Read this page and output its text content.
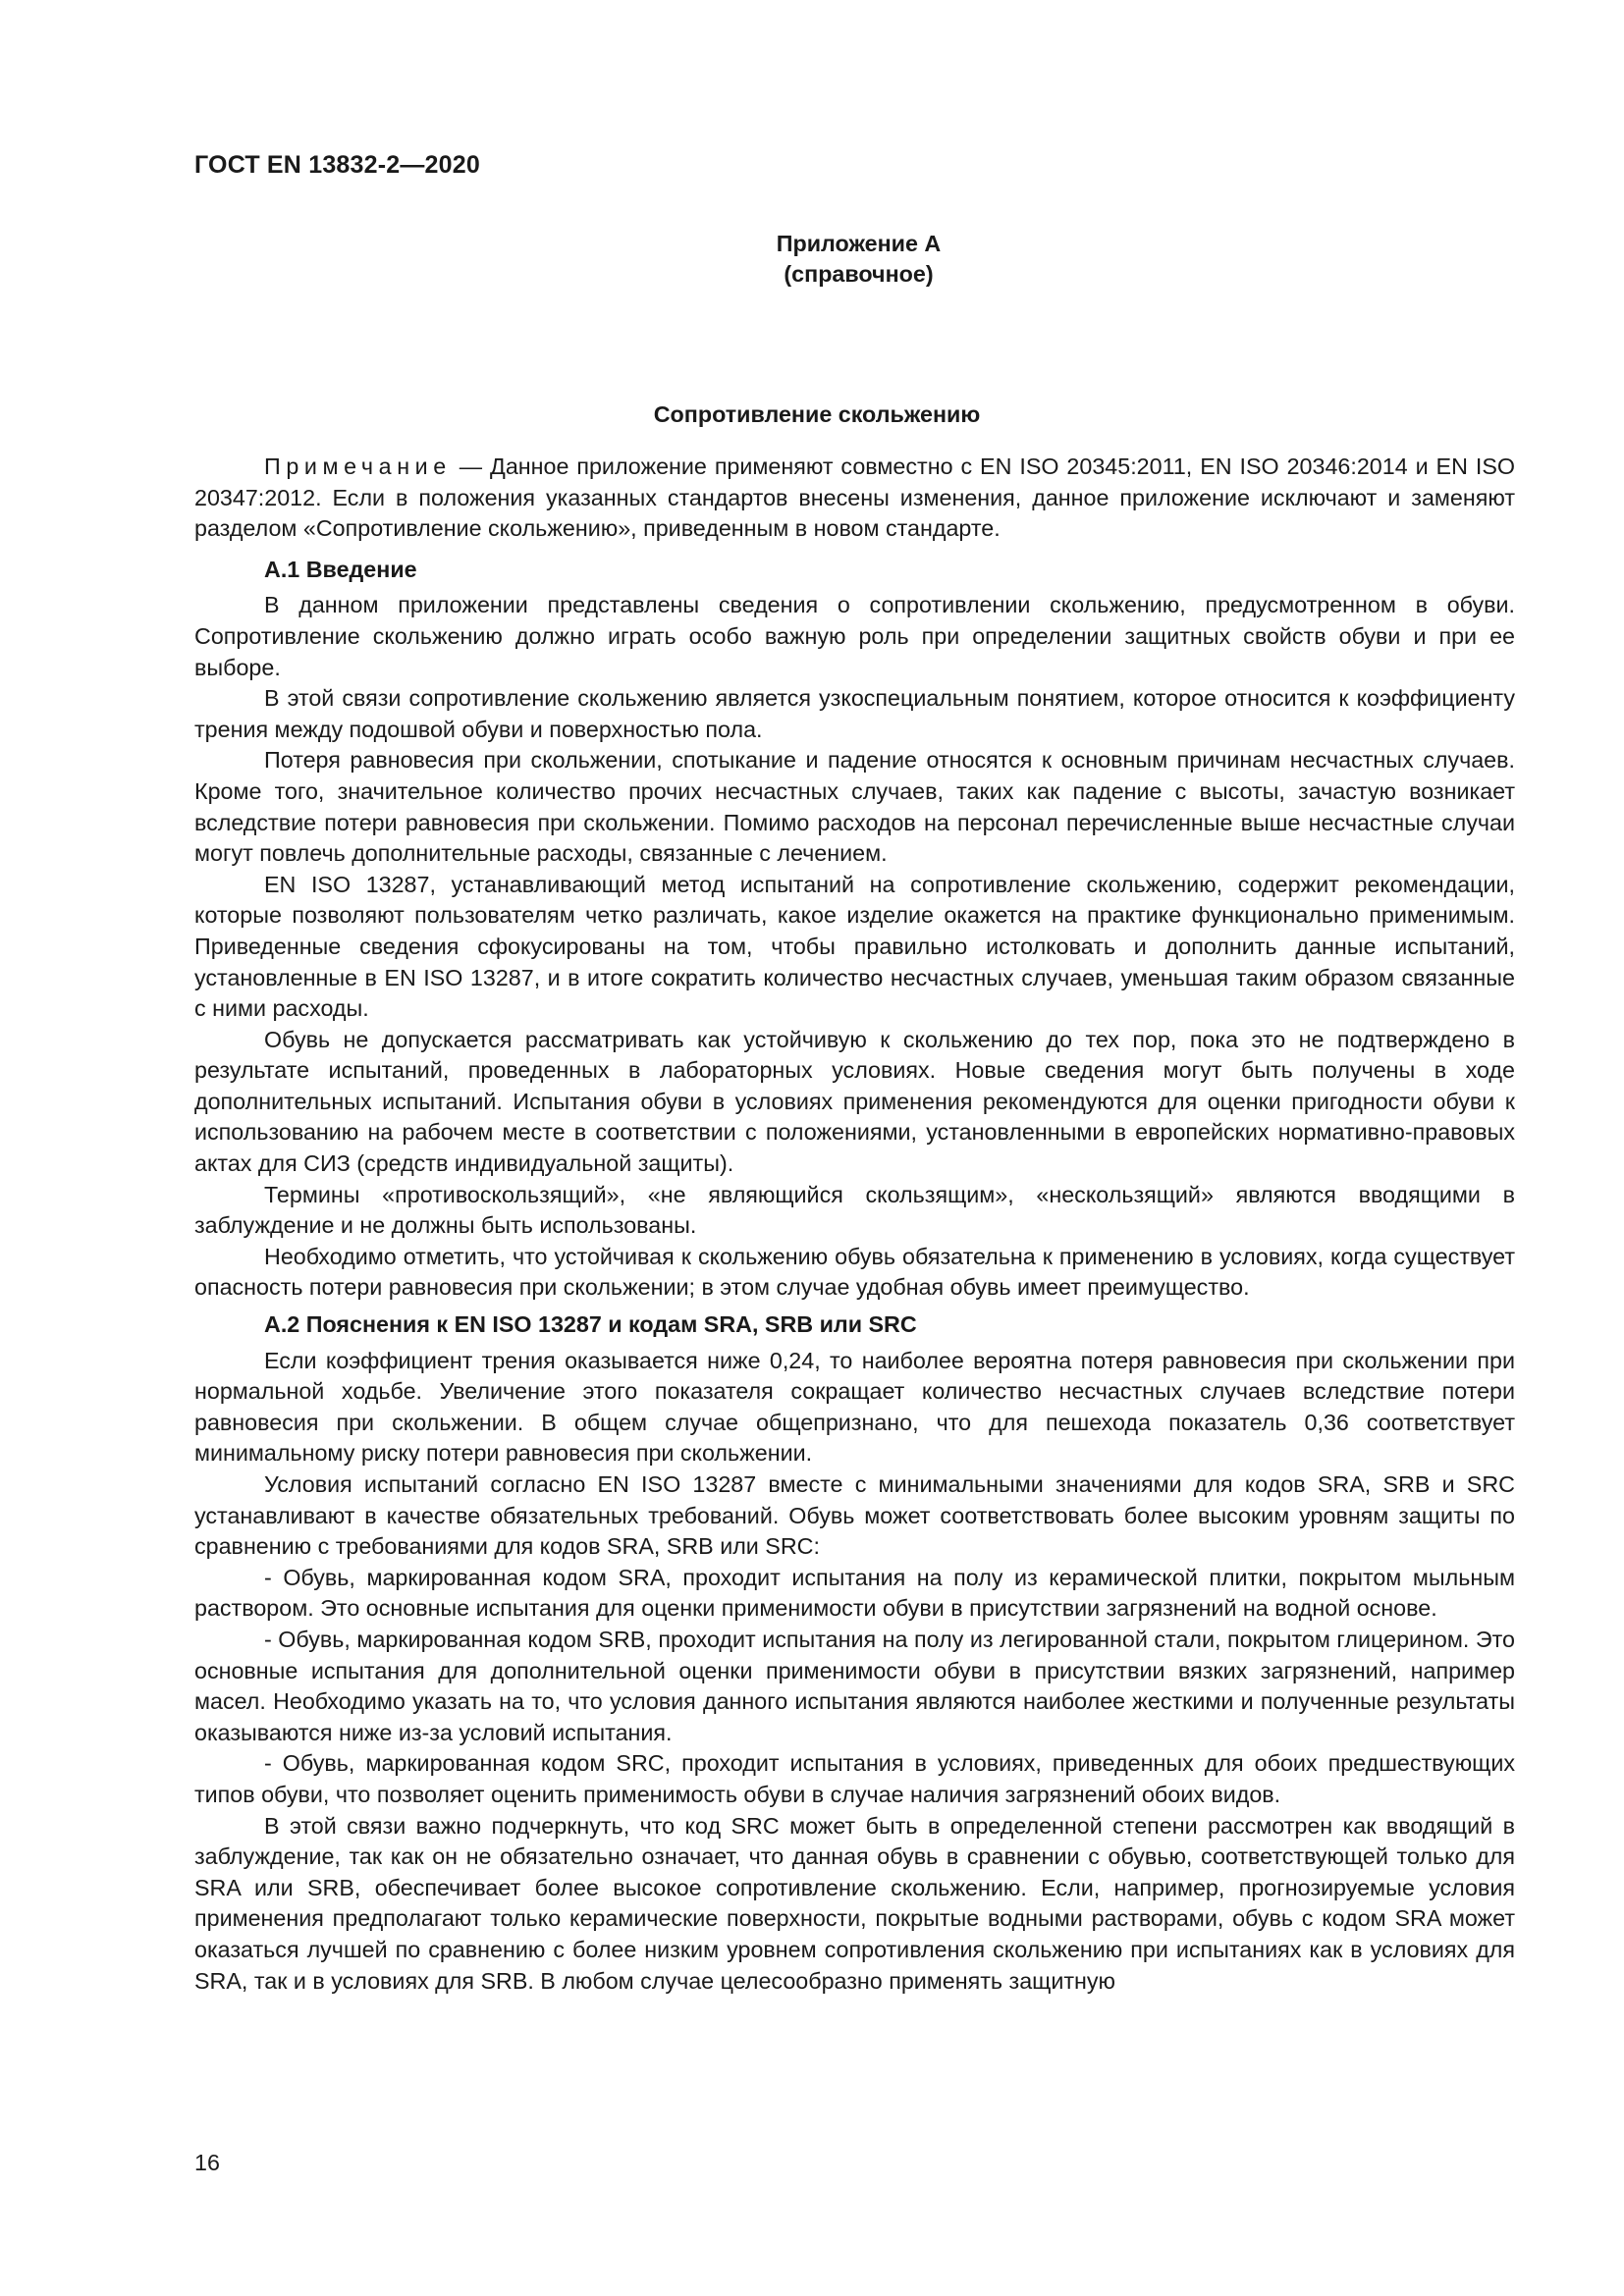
ГОСТ EN 13832-2—2020

Приложение А
(справочное)
Сопротивление скольжению

Примечание — Данное приложение применяют совместно с EN ISO 20345:2011, EN ISO 20346:2014 и EN ISO 20347:2012. Если в положения указанных стандартов внесены изменения, данное приложение исключают и заменяют разделом «Сопротивление скольжению», приведенным в новом стандарте.

А.1 Введение

В данном приложении представлены сведения о сопротивлении скольжению, предусмотренном в обуви. Сопротивление скольжению должно играть особо важную роль при определении защитных свойств обуви и при ее выборе.

В этой связи сопротивление скольжению является узкоспециальным понятием, которое относится к коэффициенту трения между подошвой обуви и поверхностью пола.

Потеря равновесия при скольжении, спотыкание и падение относятся к основным причинам несчастных случаев. Кроме того, значительное количество прочих несчастных случаев, таких как падение с высоты, зачастую возникает вследствие потери равновесия при скольжении. Помимо расходов на персонал перечисленные выше несчастные случаи могут повлечь дополнительные расходы, связанные с лечением.

EN ISO 13287, устанавливающий метод испытаний на сопротивление скольжению, содержит рекомендации, которые позволяют пользователям четко различать, какое изделие окажется на практике функционально применимым. Приведенные сведения сфокусированы на том, чтобы правильно истолковать и дополнить данные испытаний, установленные в EN ISO 13287, и в итоге сократить количество несчастных случаев, уменьшая таким образом связанные с ними расходы.

Обувь не допускается рассматривать как устойчивую к скольжению до тех пор, пока это не подтверждено в результате испытаний, проведенных в лабораторных условиях. Новые сведения могут быть получены в ходе дополнительных испытаний. Испытания обуви в условиях применения рекомендуются для оценки пригодности обуви к использованию на рабочем месте в соответствии с положениями, установленными в европейских нормативно-правовых актах для СИЗ (средств индивидуальной защиты).

Термины «противоскользящий», «не являющийся скользящим», «нескользящий» являются вводящими в заблуждение и не должны быть использованы.

Необходимо отметить, что устойчивая к скольжению обувь обязательна к применению в условиях, когда существует опасность потери равновесия при скольжении; в этом случае удобная обувь имеет преимущество.

А.2 Пояснения к EN ISO 13287 и кодам SRA, SRB или SRC

Если коэффициент трения оказывается ниже 0,24, то наиболее вероятна потеря равновесия при скольжении при нормальной ходьбе. Увеличение этого показателя сокращает количество несчастных случаев вследствие потери равновесия при скольжении. В общем случае общепризнано, что для пешехода показатель 0,36 соответствует минимальному риску потери равновесия при скольжении.

Условия испытаний согласно EN ISO 13287 вместе с минимальными значениями для кодов SRA, SRB и SRC устанавливают в качестве обязательных требований. Обувь может соответствовать более высоким уровням защиты по сравнению с требованиями для кодов SRA, SRB или SRC:

- Обувь, маркированная кодом SRA, проходит испытания на полу из керамической плитки, покрытом мыльным раствором. Это основные испытания для оценки применимости обуви в присутствии загрязнений на водной основе.

- Обувь, маркированная кодом SRB, проходит испытания на полу из легированной стали, покрытом глицерином. Это основные испытания для дополнительной оценки применимости обуви в присутствии вязких загрязнений, например масел. Необходимо указать на то, что условия данного испытания являются наиболее жесткими и полученные результаты оказываются ниже из-за условий испытания.

- Обувь, маркированная кодом SRC, проходит испытания в условиях, приведенных для обоих предшествующих типов обуви, что позволяет оценить применимость обуви в случае наличия загрязнений обоих видов.

В этой связи важно подчеркнуть, что код SRC может быть в определенной степени рассмотрен как вводящий в заблуждение, так как он не обязательно означает, что данная обувь в сравнении с обувью, соответствующей только для SRA или SRB, обеспечивает более высокое сопротивление скольжению. Если, например, прогнозируемые условия применения предполагают только керамические поверхности, покрытые водными растворами, обувь с кодом SRA может оказаться лучшей по сравнению с более низким уровнем сопротивления скольжению при испытаниях как в условиях для SRA, так и в условиях для SRB. В любом случае целесообразно применять защитную

16
